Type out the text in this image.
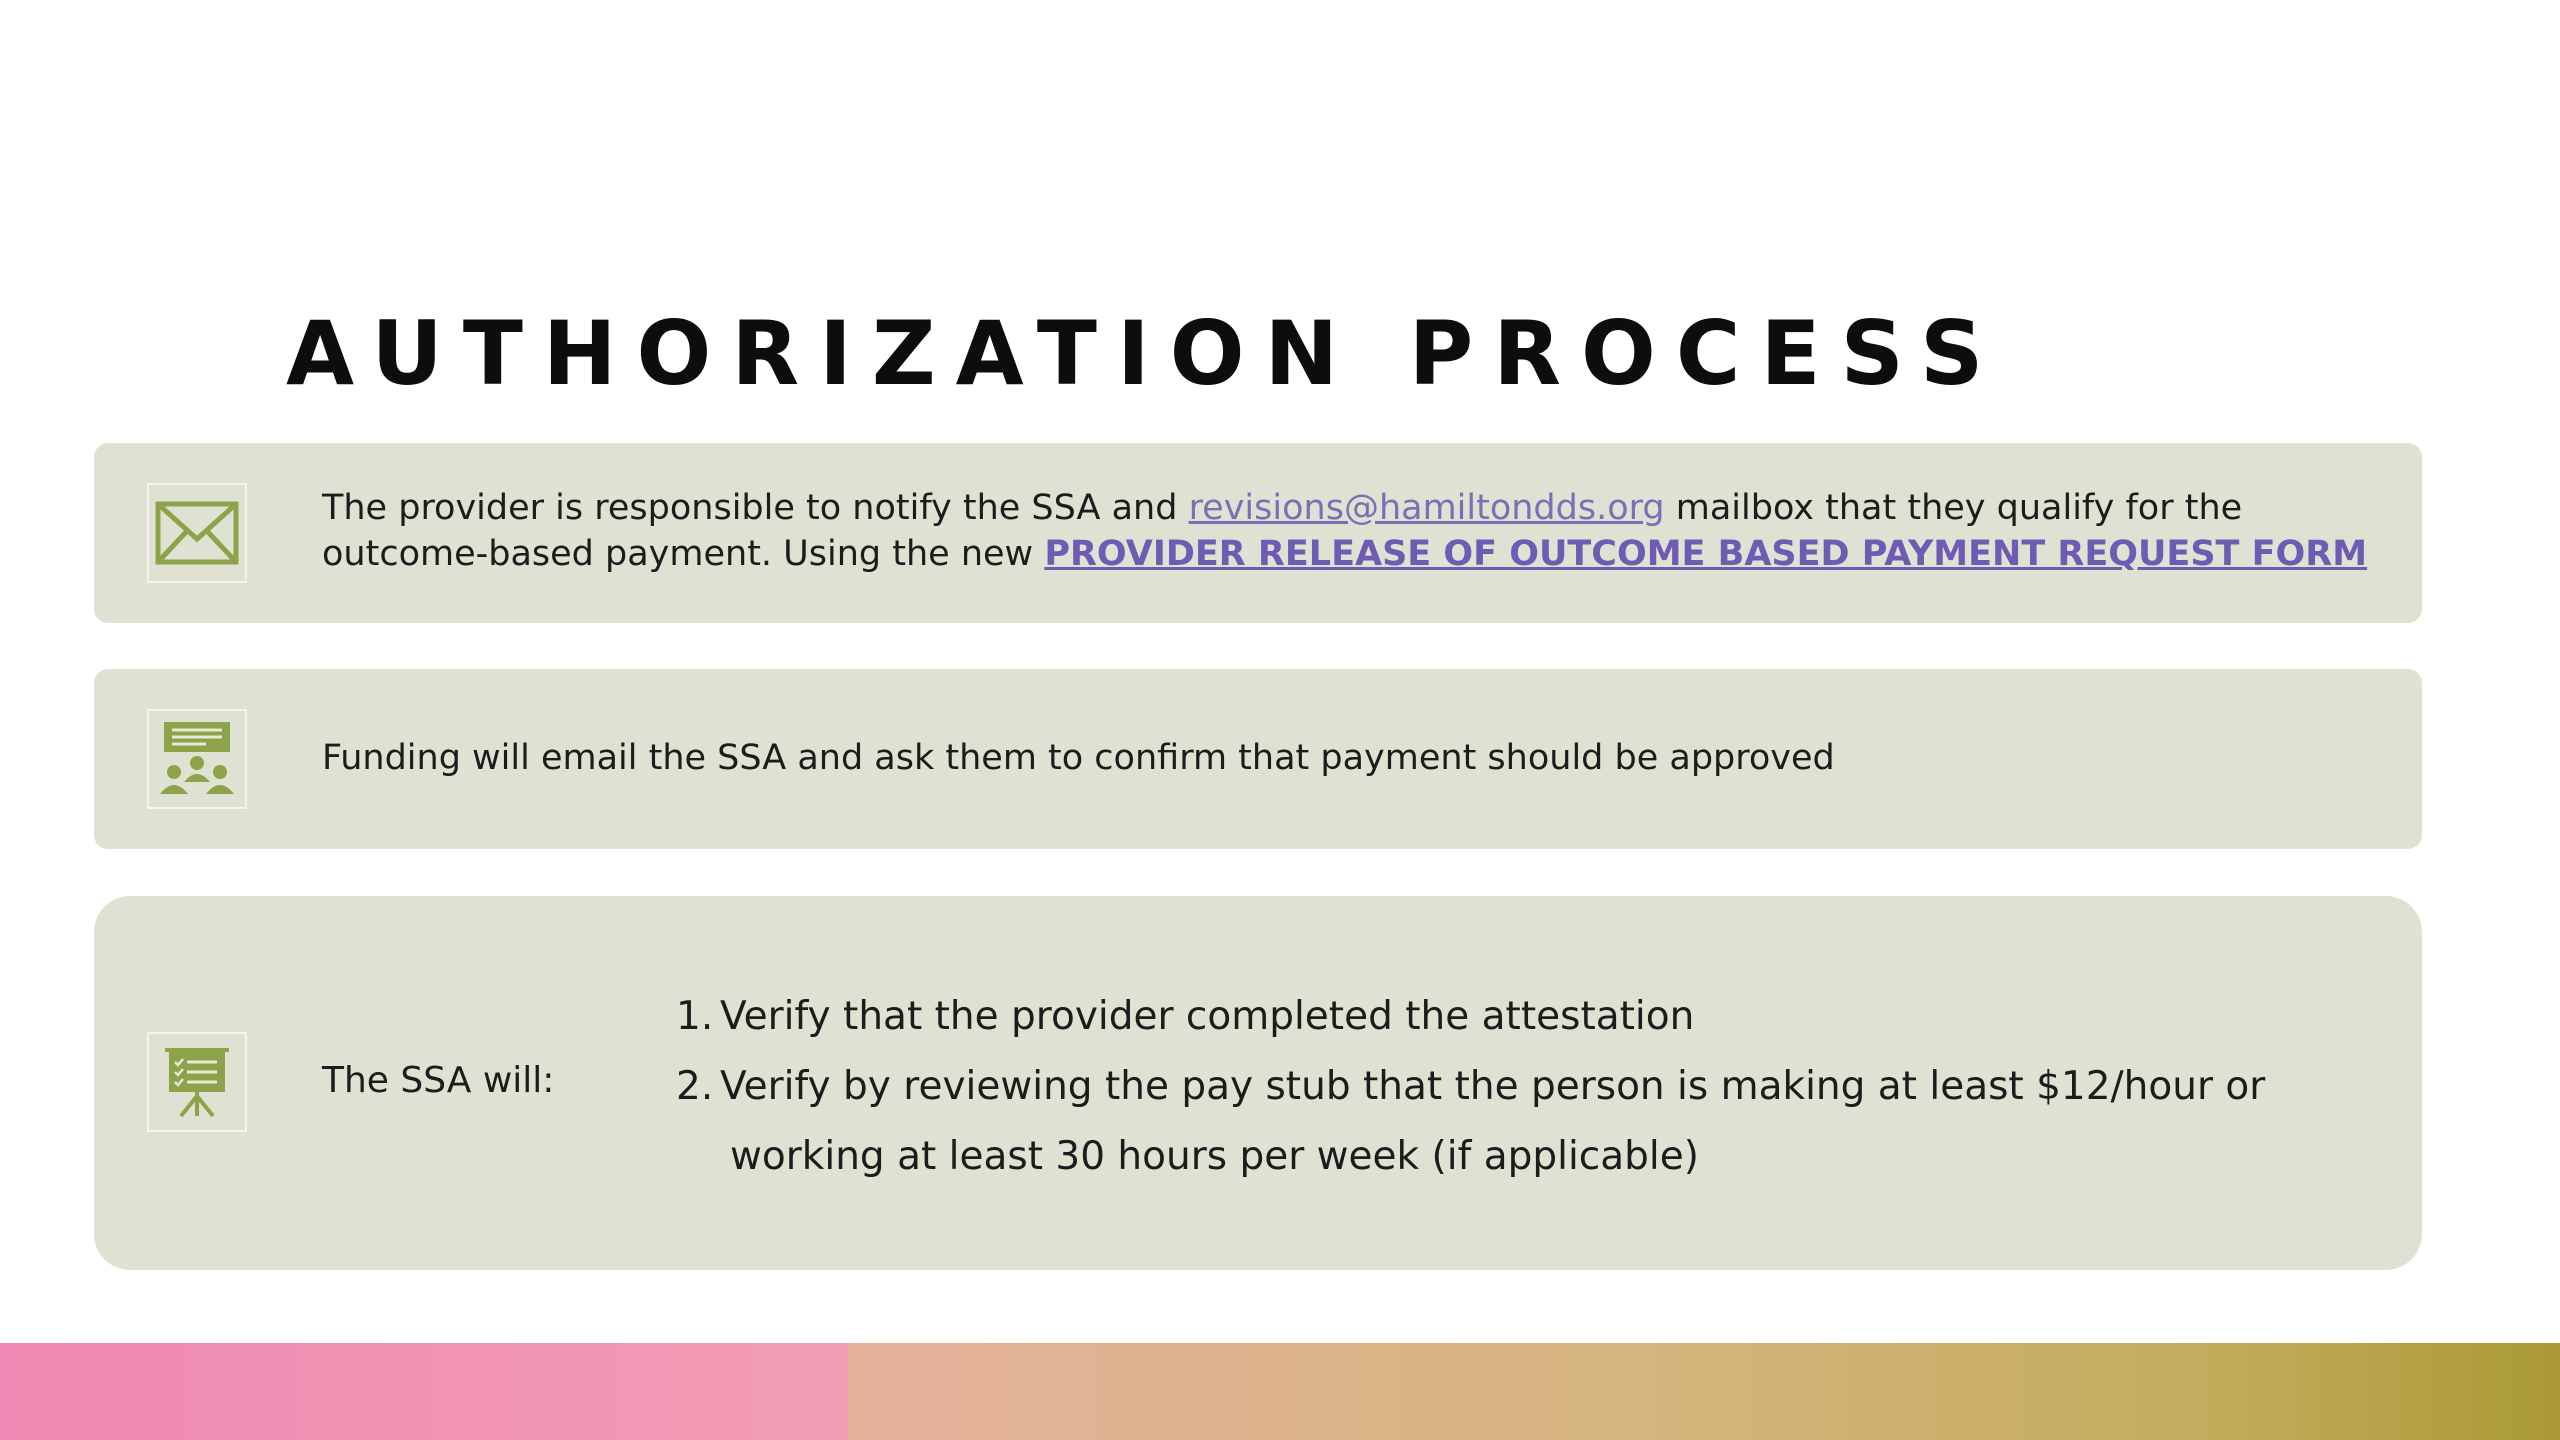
AUTHORIZATION PROCESS
The provider is responsible to notify the SSA and revisions@hamiltondds.org mailbox that they qualify for the outcome-based payment. Using the new PROVIDER RELEASE OF OUTCOME BASED PAYMENT REQUEST FORM
Funding will email the SSA and ask them to confirm that payment should be approved
The SSA will:
1. Verify that the provider completed the attestation
2. Verify by reviewing the pay stub that the person is making at least $12/hour or
working at least 30 hours per week (if applicable)
